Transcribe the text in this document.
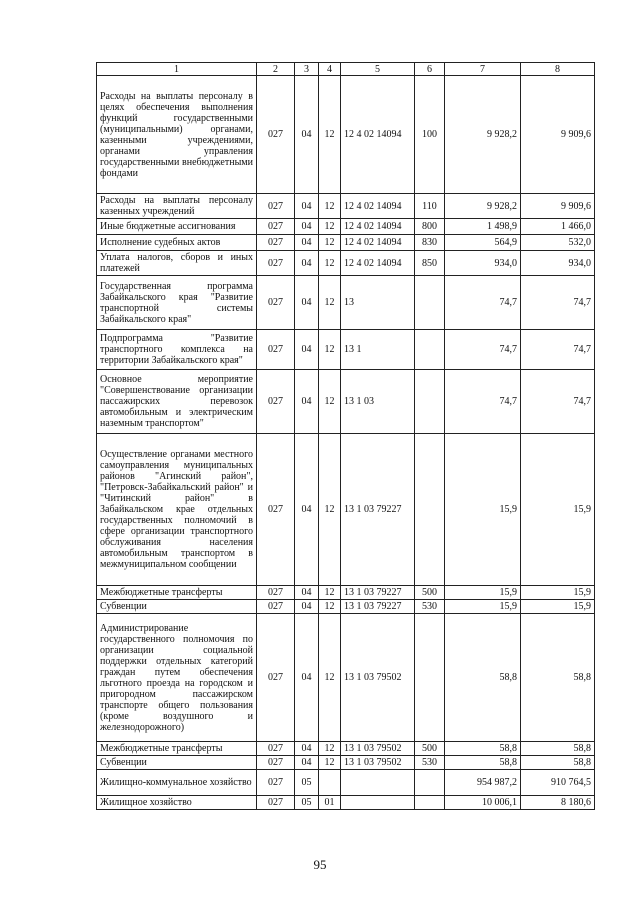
1	2	3	4	5	6	7	8
Расходы на выплаты персоналу в целях обеспечения выполнения функций государственными (муниципальными) органами, казенными учреждениями, органами управления государственными внебюджетными фондами	027	04	12	12 4 02 14094	100	9 928,2	9 909,6
Расходы на выплаты персоналу казенных учреждений	027	04	12	12 4 02 14094	110	9 928,2	9 909,6
Иные бюджетные ассигнования	027	04	12	12 4 02 14094	800	1 498,9	1 466,0
Исполнение судебных актов	027	04	12	12 4 02 14094	830	564,9	532,0
Уплата налогов, сборов и иных платежей	027	04	12	12 4 02 14094	850	934,0	934,0
Государственная программа Забайкальского края "Развитие транспортной системы Забайкальского края"	027	04	12	13		74,7	74,7
Подпрограмма "Развитие транспортного комплекса на территории Забайкальского края"	027	04	12	13 1		74,7	74,7
Основное мероприятие "Совершенствование организации пассажирских перевозок автомобильным и электрическим наземным транспортом"	027	04	12	13 1 03		74,7	74,7
Осуществление органами местного самоуправления муниципальных районов "Агинский район", "Петровск-Забайкальский район" и "Читинский район" в Забайкальском крае отдельных государственных полномочий в сфере организации транспортного обслуживания населения автомобильным транспортом в межмуниципальном сообщении	027	04	12	13 1 03 79227		15,9	15,9
Межбюджетные трансферты	027	04	12	13 1 03 79227	500	15,9	15,9
Субвенции	027	04	12	13 1 03 79227	530	15,9	15,9
Администрирование государственного полномочия по организации социальной поддержки отдельных категорий граждан путем обеспечения льготного проезда на городском и пригородном пассажирском транспорте общего пользования (кроме воздушного и железнодорожного)	027	04	12	13 1 03 79502		58,8	58,8
Межбюджетные трансферты	027	04	12	13 1 03 79502	500	58,8	58,8
Субвенции	027	04	12	13 1 03 79502	530	58,8	58,8
Жилищно-коммунальное хозяйство	027	05				954 987,2	910 764,5
Жилищное хозяйство	027	05	01			10 006,1	8 180,6
95
